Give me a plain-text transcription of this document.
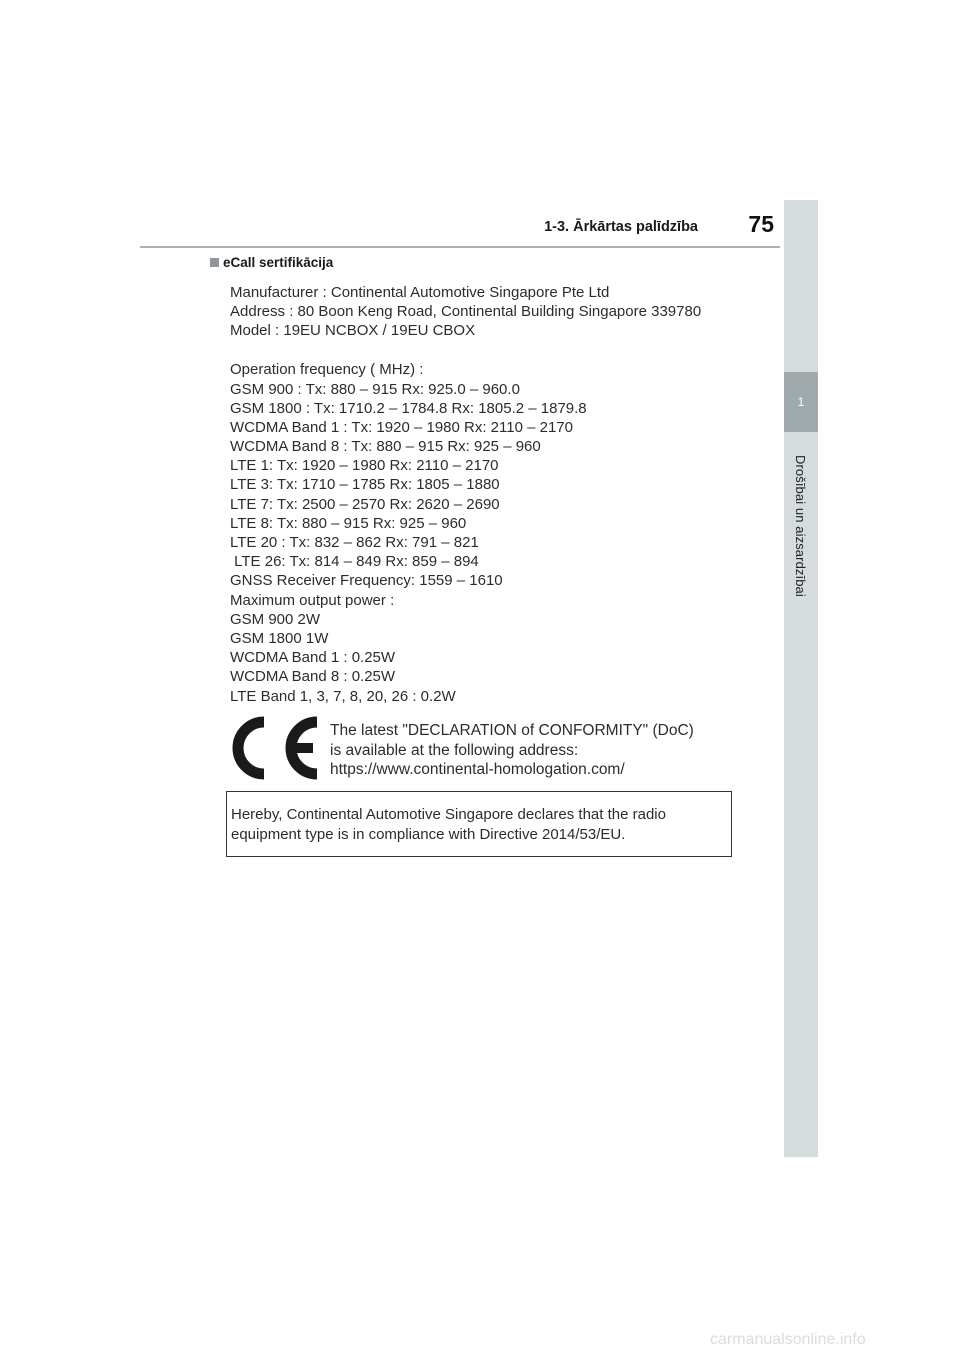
1-3. Ārkārtas palīdzība 75
1
Drošībai un aizsardzībai
eCall sertifikācija
Manufacturer : Continental Automotive Singapore Pte Ltd
Address : 80 Boon Keng Road, Continental Building Singapore 339780
Model : 19EU NCBOX / 19EU CBOX
Operation frequency ( MHz) :
GSM 900 : Tx: 880 – 915 Rx: 925.0 – 960.0
GSM 1800 : Tx: 1710.2 – 1784.8 Rx: 1805.2 – 1879.8
WCDMA Band 1 : Tx: 1920 – 1980 Rx: 2110 – 2170
WCDMA Band 8 : Tx: 880 – 915 Rx: 925 – 960
LTE 1: Tx: 1920 – 1980 Rx: 2110 – 2170
LTE 3: Tx: 1710 – 1785 Rx: 1805 – 1880
LTE 7: Tx: 2500 – 2570 Rx: 2620 – 2690
LTE 8: Tx: 880 – 915 Rx: 925 – 960
LTE 20 : Tx: 832 – 862 Rx: 791 – 821
LTE 26: Tx: 814 – 849 Rx: 859 – 894
GNSS Receiver Frequency: 1559 – 1610
Maximum output power :
GSM 900 2W
GSM 1800 1W
WCDMA Band 1 : 0.25W
WCDMA Band 8 : 0.25W
LTE Band 1, 3, 7, 8, 20, 26 : 0.2W
The latest "DECLARATION of CONFORMITY" (DoC)
is available at the following address:
https://www.continental-homologation.com/
Hereby, Continental Automotive Singapore declares that the radio
equipment type is in compliance with Directive 2014/53/EU.
carmanualsonline.info
